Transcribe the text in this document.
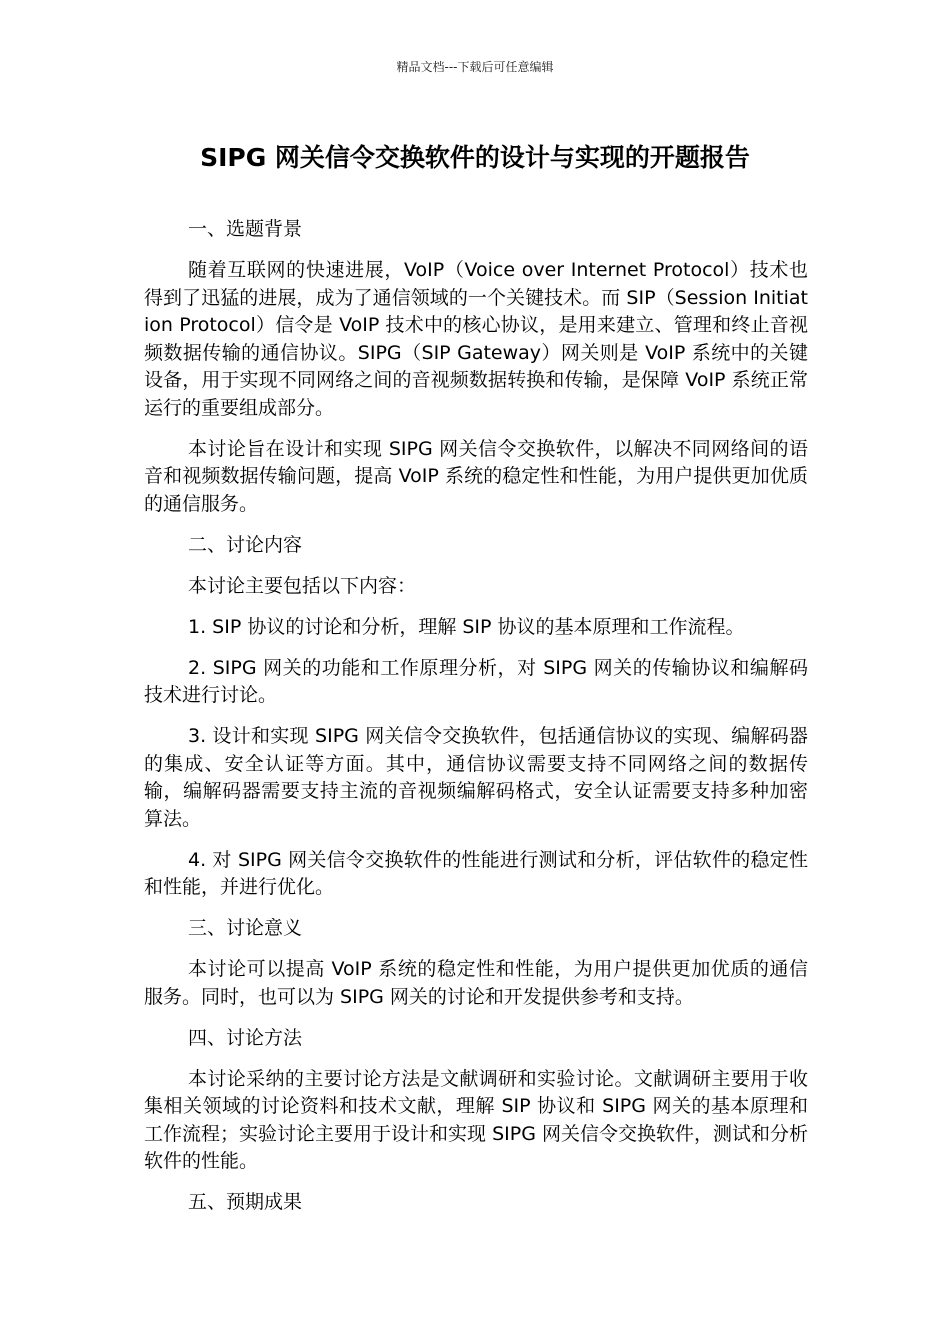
精品文档---下载后可任意编辑
SIPG 网关信令交换软件的设计与实现的开题报告

一、选题背景

随着互联网的快速进展，VoIP（Voice over Internet Protocol）技术也得到了迅猛的进展，成为了通信领域的一个关键技术。而 SIP（Session Initiation Protocol）信令是 VoIP 技术中的核心协议，是用来建立、管理和终止音视频数据传输的通信协议。SIPG（SIP Gateway）网关则是 VoIP 系统中的关键设备，用于实现不同网络之间的音视频数据转换和传输，是保障 VoIP 系统正常运行的重要组成部分。

本讨论旨在设计和实现 SIPG 网关信令交换软件，以解决不同网络间的语音和视频数据传输问题，提高 VoIP 系统的稳定性和性能，为用户提供更加优质的通信服务。

二、讨论内容

本讨论主要包括以下内容：

1. SIP 协议的讨论和分析，理解 SIP 协议的基本原理和工作流程。

2. SIPG 网关的功能和工作原理分析，对 SIPG 网关的传输协议和编解码技术进行讨论。

3. 设计和实现 SIPG 网关信令交换软件，包括通信协议的实现、编解码器的集成、安全认证等方面。其中，通信协议需要支持不同网络之间的数据传输，编解码器需要支持主流的音视频编解码格式，安全认证需要支持多种加密算法。

4. 对 SIPG 网关信令交换软件的性能进行测试和分析，评估软件的稳定性和性能，并进行优化。

三、讨论意义

本讨论可以提高 VoIP 系统的稳定性和性能，为用户提供更加优质的通信服务。同时，也可以为 SIPG 网关的讨论和开发提供参考和支持。

四、讨论方法

本讨论采纳的主要讨论方法是文献调研和实验讨论。文献调研主要用于收集相关领域的讨论资料和技术文献，理解 SIP 协议和 SIPG 网关的基本原理和工作流程；实验讨论主要用于设计和实现 SIPG 网关信令交换软件，测试和分析软件的性能。

五、预期成果
